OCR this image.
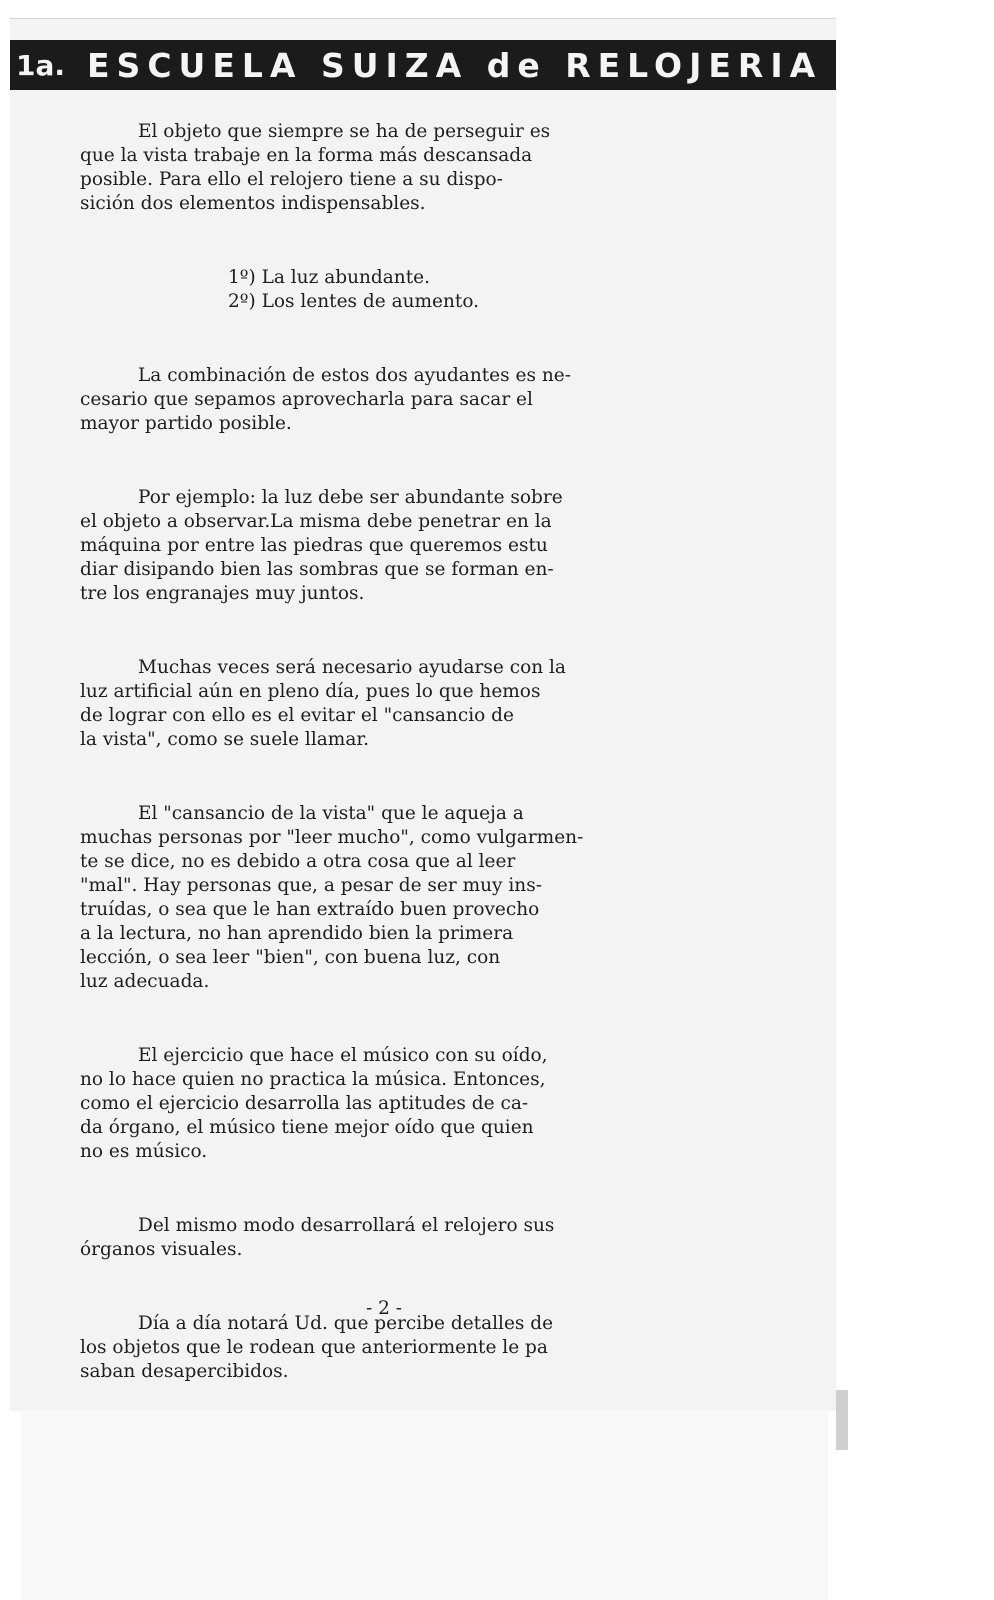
1a. ESCUELA SUIZA de RELOJERIA

El objeto que siempre se ha de perseguir es
que la vista trabaje en la forma más descansada
posible. Para ello el relojero tiene a su dispo-
sición dos elementos indispensables.

1º) La luz abundante.
2º) Los lentes de aumento.

La combinación de estos dos ayudantes es ne-
cesario que sepamos aprovecharla para sacar el
mayor partido posible.

Por ejemplo: la luz debe ser abundante sobre
el objeto a observar.La misma debe penetrar en la
máquina por entre las piedras que queremos estu
diar disipando bien las sombras que se forman en-
tre los engranajes muy juntos.

Muchas veces será necesario ayudarse con la
luz artificial aún en pleno día, pues lo que hemos
de lograr con ello es el evitar el "cansancio de
la vista", como se suele llamar.

El "cansancio de la vista" que le aqueja a
muchas personas por "leer mucho", como vulgarmen-
te se dice, no es debido a otra cosa que al leer
"mal". Hay personas que, a pesar de ser muy ins-
truídas, o sea que le han extraído buen provecho
a la lectura, no han aprendido bien la primera
lección, o sea leer "bien", con buena luz, con
luz adecuada.

El ejercicio que hace el músico con su oído,
no lo hace quien no practica la música. Entonces,
como el ejercicio desarrolla las aptitudes de ca-
da órgano, el músico tiene mejor oído que quien
no es músico.

Del mismo modo desarrollará el relojero sus
órganos visuales.

Día a día notará Ud. que percibe detalles de
los objetos que le rodean que anteriormente le pa
saban desapercibidos.

- 2 -
